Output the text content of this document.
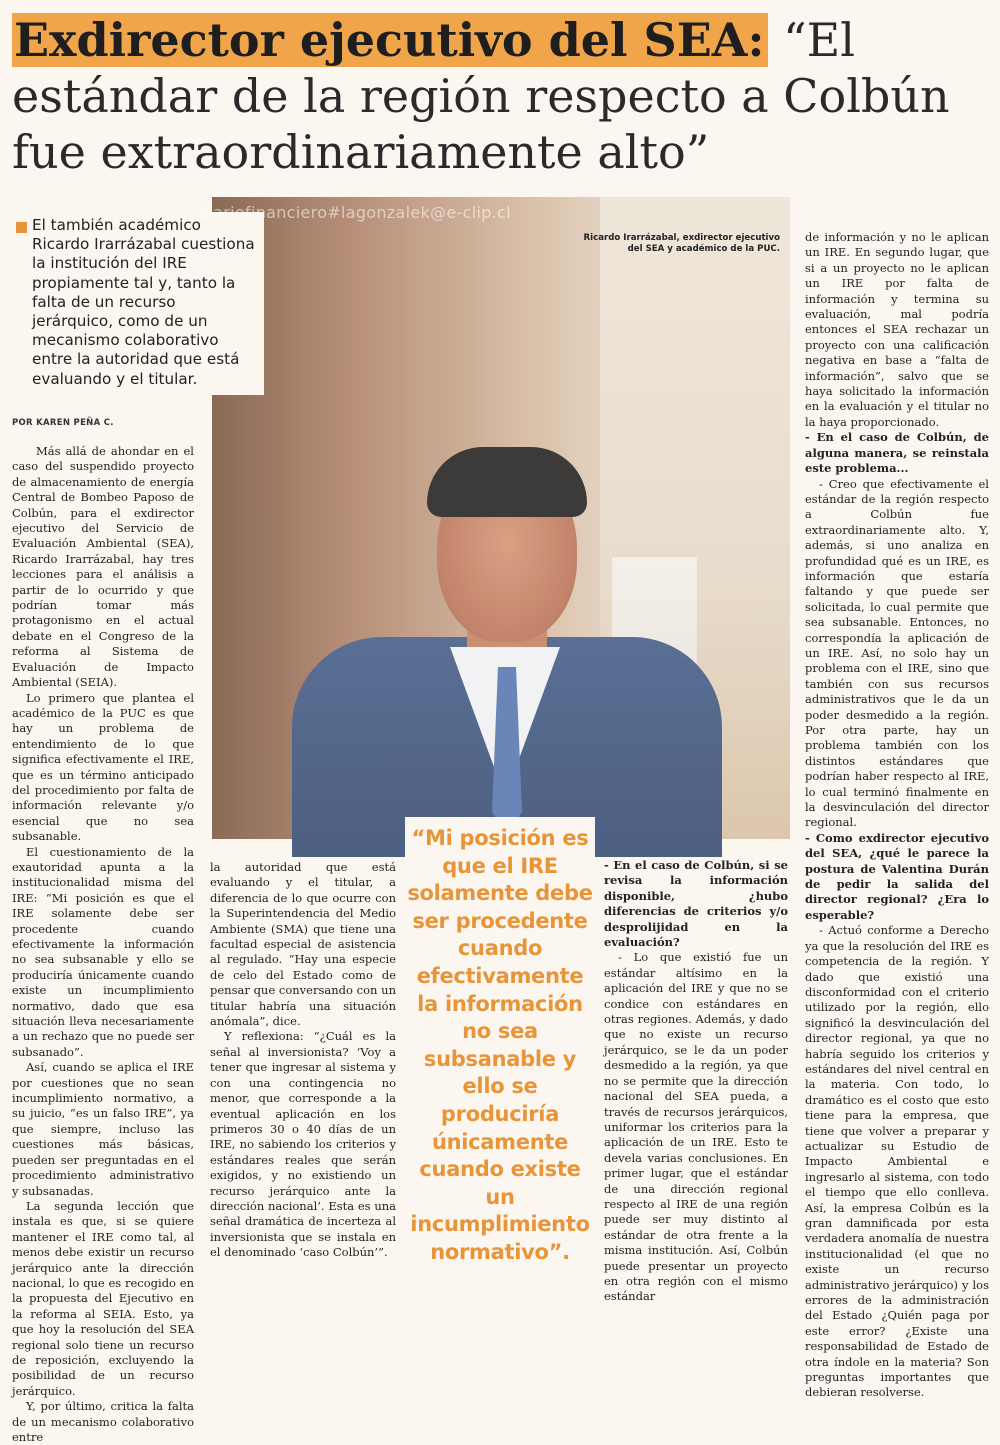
Exdirector ejecutivo del SEA: “El estándar de la región respecto a Colbún fue extraordinariamente alto”
Ricardo Irarrázabal, exdirector ejecutivo del SEA y académico de la PUC.
diariofinanciero#lagonzalek@e-clip.cl
El también académico Ricardo Irarrázabal cuestiona la institución del IRE propiamente tal y, tanto la falta de un recurso jerárquico, como de un mecanismo colaborativo entre la autoridad que está evaluando y el titular.
POR KAREN PEÑA C.

Más allá de ahondar en el caso del suspendido proyecto de almacenamiento de energía Central de Bombeo Paposo de Colbún, para el exdirector ejecutivo del Servicio de Evaluación Ambiental (SEA), Ricardo Irarrázabal, hay tres lecciones para el análisis a partir de lo ocurrido y que podrían tomar más protagonismo en el actual debate en el Congreso de la reforma al Sistema de Evaluación de Impacto Ambiental (SEIA).

Lo primero que plantea el académico de la PUC es que hay un problema de entendimiento de lo que significa efectivamente el IRE, que es un término anticipado del procedimiento por falta de información relevante y/o esencial que no sea subsanable.

El cuestionamiento de la exautoridad apunta a la institucionalidad misma del IRE: “Mi posición es que el IRE solamente debe ser procedente cuando efectivamente la información no sea subsanable y ello se produciría únicamente cuando existe un incumplimiento normativo, dado que esa situación lleva necesariamente a un rechazo que no puede ser subsanado”.

Así, cuando se aplica el IRE por cuestiones que no sean incumplimiento normativo, a su juicio, “es un falso IRE”, ya que siempre, incluso las cuestiones más básicas, pueden ser preguntadas en el procedimiento administrativo y subsanadas.

La segunda lección que instala es que, si se quiere mantener el IRE como tal, al menos debe existir un recurso jerárquico ante la dirección nacional, lo que es recogido en la propuesta del Ejecutivo en la reforma al SEIA. Esto, ya que hoy la resolución del SEA regional solo tiene un recurso de reposición, excluyendo la posibilidad de un recurso jerárquico.

Y, por último, critica la falta de un mecanismo colaborativo entre

la autoridad que está evaluando y el titular, a diferencia de lo que ocurre con la Superintendencia del Medio Ambiente (SMA) que tiene una facultad especial de asistencia al regulado. “Hay una especie de celo del Estado como de pensar que conversando con un titular habría una situación anómala”, dice.

Y reflexiona: “¿Cuál es la señal al inversionista? ‘Voy a tener que ingresar al sistema y con una contingencia no menor, que corresponde a la eventual aplicación en los primeros 30 o 40 días de un IRE, no sabiendo los criterios y estándares reales que serán exigidos, y no existiendo un recurso jerárquico ante la dirección nacional’. Esta es una señal dramática de incerteza al inversionista que se instala en el denominado ‘caso Colbún’”.

“Mi posición es que el IRE solamente debe ser procedente cuando efectivamente la información no sea subsanable y ello se produciría únicamente cuando existe un incumplimiento normativo”.

- En el caso de Colbún, si se revisa la información disponible, ¿hubo diferencias de criterios y/o desprolijidad en la evaluación?

- Lo que existió fue un estándar altísimo en la aplicación del IRE y que no se condice con estándares en otras regiones. Además, y dado que no existe un recurso jerárquico, se le da un poder desmedido a la región, ya que no se permite que la dirección nacional del SEA pueda, a través de recursos jerárquicos, uniformar los criterios para la aplicación de un IRE. Esto te devela varias conclusiones. En primer lugar, que el estándar de una dirección regional respecto al IRE de una región puede ser muy distinto al estándar de otra frente a la misma institución. Así, Colbún puede presentar un proyecto en otra región con el mismo estándar

de información y no le aplican un IRE. En segundo lugar, que si a un proyecto no le aplican un IRE por falta de información y termina su evaluación, mal podría entonces el SEA rechazar un proyecto con una calificación negativa en base a “falta de información”, salvo que se haya solicitado la información en la evaluación y el titular no la haya proporcionado.

- En el caso de Colbún, de alguna manera, se reinstala este problema...

- Creo que efectivamente el estándar de la región respecto a Colbún fue extraordinariamente alto. Y, además, si uno analiza en profundidad qué es un IRE, es información que estaría faltando y que puede ser solicitada, lo cual permite que sea subsanable. Entonces, no correspondía la aplicación de un IRE. Así, no solo hay un problema con el IRE, sino que también con sus recursos administrativos que le da un poder desmedido a la región. Por otra parte, hay un problema también con los distintos estándares que podrían haber respecto al IRE, lo cual terminó finalmente en la desvinculación del director regional.

- Como exdirector ejecutivo del SEA, ¿qué le parece la postura de Valentina Durán de pedir la salida del director regional? ¿Era lo esperable?

- Actuó conforme a Derecho ya que la resolución del IRE es competencia de la región. Y dado que existió una disconformidad con el criterio utilizado por la región, ello significó la desvinculación del director regional, ya que no habría seguido los criterios y estándares del nivel central en la materia. Con todo, lo dramático es el costo que esto tiene para la empresa, que tiene que volver a preparar y actualizar su Estudio de Impacto Ambiental e ingresarlo al sistema, con todo el tiempo que ello conlleva. Así, la empresa Colbún es la gran damnificada por esta verdadera anomalía de nuestra institucionalidad (el que no existe un recurso administrativo jerárquico) y los errores de la administración del Estado ¿Quién paga por este error? ¿Existe una responsabilidad de Estado de otra índole en la materia? Son preguntas importantes que debieran resolverse.
